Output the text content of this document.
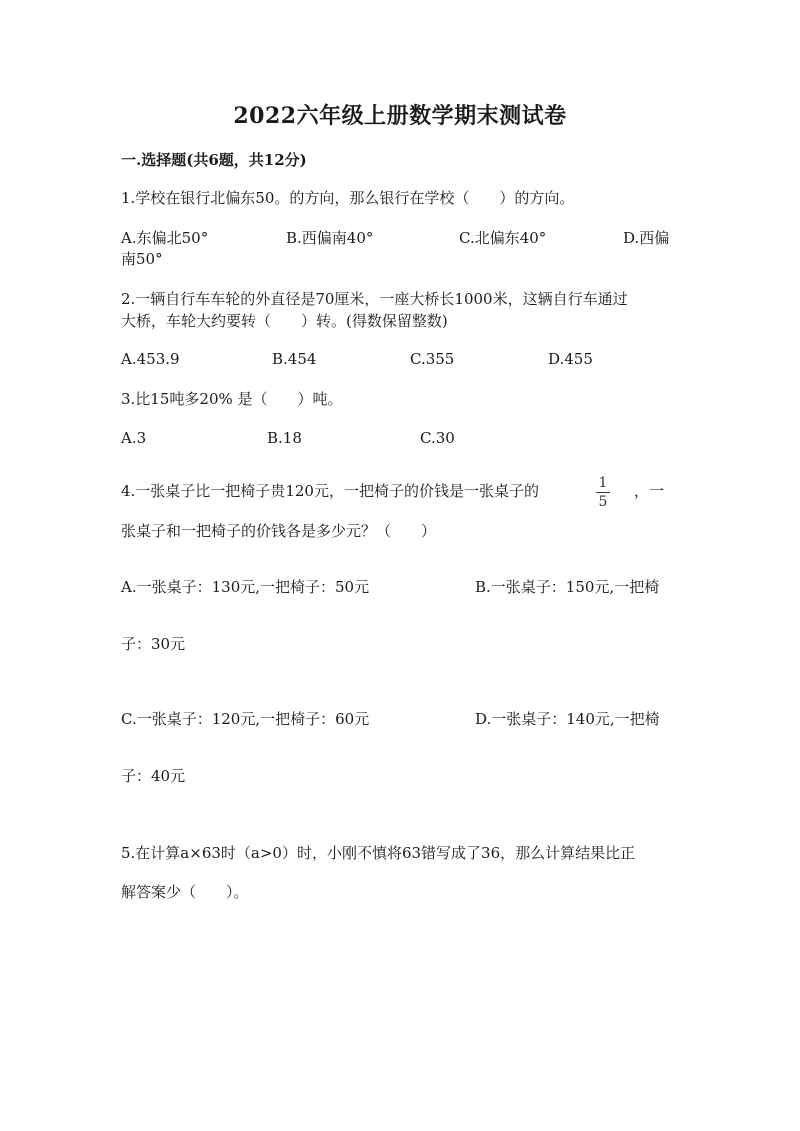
2022六年级上册数学期末测试卷
一.选择题(共6题，共12分)
1.学校在银行北偏东50。的方向，那么银行在学校（　　）的方向。
A.东偏北50°	B.西偏南40°	C.北偏东40°	D.西偏
南50°
2.一辆自行车车轮的外直径是70厘米，一座大桥长1000米，这辆自行车通过
大桥，车轮大约要转（　　）转。(得数保留整数)
A.453.9	B.454	C.355	D.455
3.比15吨多20% 是（　　）吨。
A.3	B.18	C.30
4.一张桌子比一把椅子贵120元，一把椅子的价钱是一张桌子的	1
5
，一
张桌子和一把椅子的价钱各是多少元？（　　）
A.一张桌子：130元,一把椅子：50元	B.一张桌子：150元,一把椅
子：30元
C.一张桌子：120元,一把椅子：60元	D.一张桌子：140元,一把椅
子：40元
5.在计算a×63时（a>0）时，小刚不慎将63错写成了36，那么计算结果比正
解答案少（　　）。
